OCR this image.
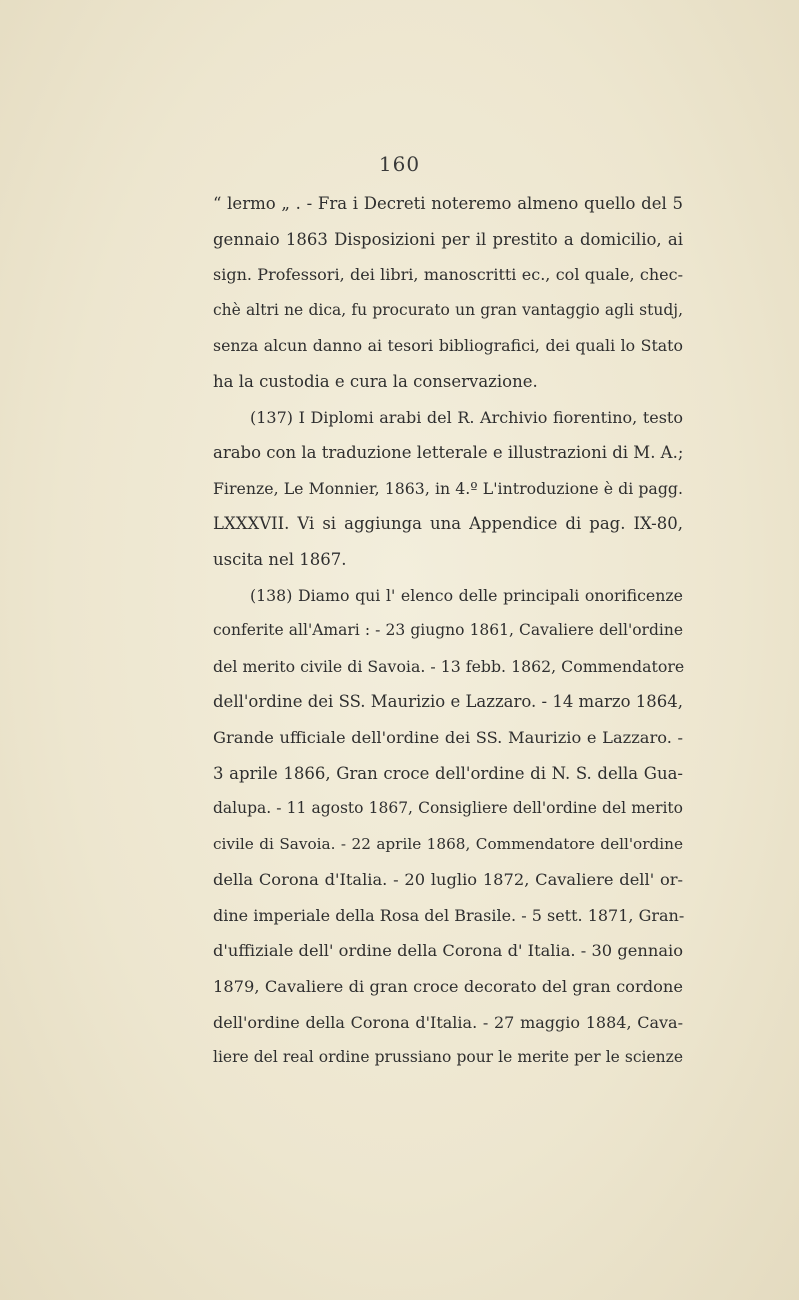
160
“ lermo „ . - Fra i Decreti noteremo almeno quello del 5
gennaio 1863 Disposizioni per il prestito a domicilio, ai
sign. Professori, dei libri, manoscritti ec., col quale, chec-
chè altri ne dica, fu procurato un gran vantaggio agli studj,
senza alcun danno ai tesori bibliografici, dei quali lo Stato
ha la custodia e cura la conservazione.
(137) I Diplomi arabi del R. Archivio fiorentino, testo
arabo con la traduzione letterale e illustrazioni di M. A.;
Firenze, Le Monnier, 1863, in 4.º L'introduzione è di pagg.
LXXXVII. Vi si aggiunga una Appendice di pag. IX-80,
uscita nel 1867.
(138) Diamo qui l' elenco delle principali onorificenze
conferite all'Amari : - 23 giugno 1861, Cavaliere dell'ordine
del merito civile di Savoia. - 13 febb. 1862, Commendatore
dell'ordine dei SS. Maurizio e Lazzaro. - 14 marzo 1864,
Grande ufficiale dell'ordine dei SS. Maurizio e Lazzaro. -
3 aprile 1866, Gran croce dell'ordine di N. S. della Gua-
dalupa. - 11 agosto 1867, Consigliere dell'ordine del merito
civile di Savoia. - 22 aprile 1868, Commendatore dell'ordine
della Corona d'Italia. - 20 luglio 1872, Cavaliere dell' or-
dine imperiale della Rosa del Brasile. - 5 sett. 1871, Gran-
d'uffiziale dell' ordine della Corona d' Italia. - 30 gennaio
1879, Cavaliere di gran croce decorato del gran cordone
dell'ordine della Corona d'Italia. - 27 maggio 1884, Cava-
liere del real ordine prussiano pour le merite per le scienze
